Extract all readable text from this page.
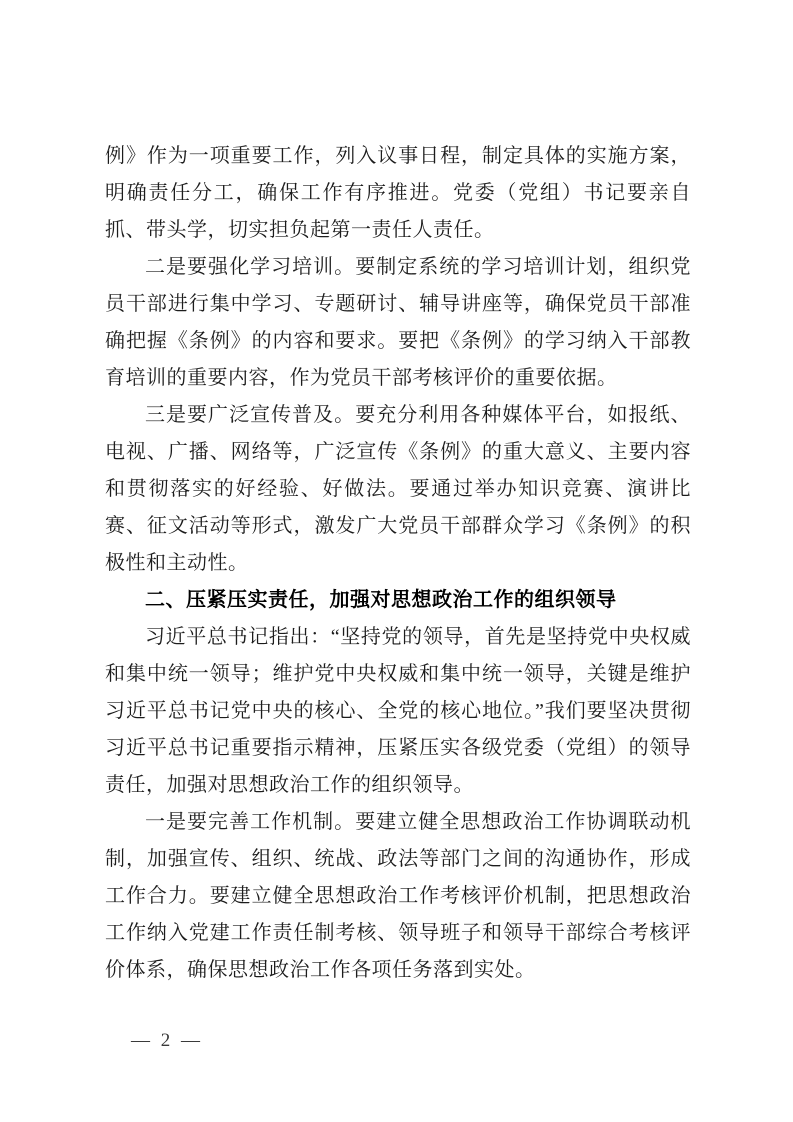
例》作为一项重要工作，列入议事日程，制定具体的实施方案，明确责任分工，确保工作有序推进。党委（党组）书记要亲自抓、带头学，切实担负起第一责任人责任。

二是要强化学习培训。要制定系统的学习培训计划，组织党员干部进行集中学习、专题研讨、辅导讲座等，确保党员干部准确把握《条例》的内容和要求。要把《条例》的学习纳入干部教育培训的重要内容，作为党员干部考核评价的重要依据。

三是要广泛宣传普及。要充分利用各种媒体平台，如报纸、电视、广播、网络等，广泛宣传《条例》的重大意义、主要内容和贯彻落实的好经验、好做法。要通过举办知识竞赛、演讲比赛、征文活动等形式，激发广大党员干部群众学习《条例》的积极性和主动性。

二、压紧压实责任，加强对思想政治工作的组织领导

习近平总书记指出：“坚持党的领导，首先是坚持党中央权威和集中统一领导；维护党中央权威和集中统一领导，关键是维护习近平总书记党中央的核心、全党的核心地位。”我们要坚决贯彻习近平总书记重要指示精神，压紧压实各级党委（党组）的领导责任，加强对思想政治工作的组织领导。

一是要完善工作机制。要建立健全思想政治工作协调联动机制，加强宣传、组织、统战、政法等部门之间的沟通协作，形成工作合力。要建立健全思想政治工作考核评价机制，把思想政治工作纳入党建工作责任制考核、领导班子和领导干部综合考核评价体系，确保思想政治工作各项任务落到实处。

— 2 —
